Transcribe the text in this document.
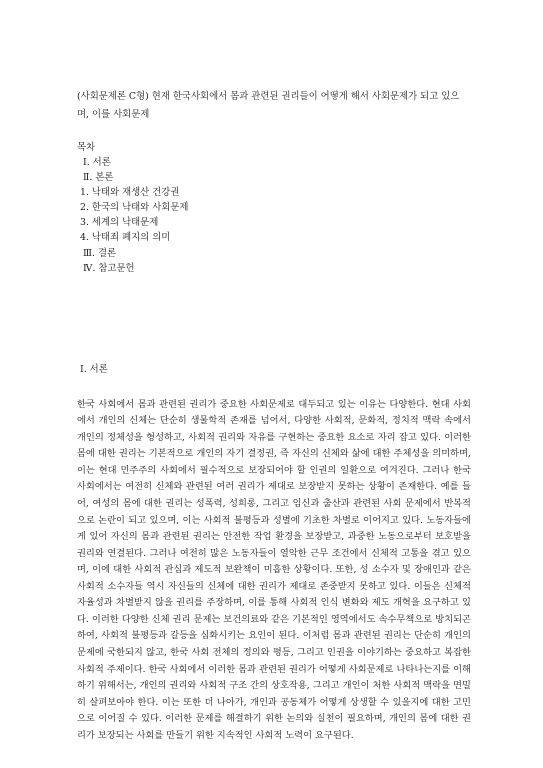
(사회문제론 C형) 현재 한국사회에서 몸과 관련된 권리들이 어떻게 해서 사회문제가 되고 있으며, 이를 사회문제

목차

Ⅰ. 서론
Ⅱ. 본론
1. 낙태와 재생산 건강권
2. 한국의 낙태와 사회문제
3. 세계의 낙태문제
4. 낙태죄 폐지의 의미
Ⅲ. 결론
Ⅳ. 참고문헌

Ⅰ. 서론

한국 사회에서 몸과 관련된 권리가 중요한 사회문제로 대두되고 있는 이유는 다양한다. 현대 사회에서 개인의 신체는 단순히 생물학적 존재를 넘어서, 다양한 사회적, 문화적, 정치적 맥락 속에서 개인의 정체성을 형성하고, 사회적 권리와 자유를 구현하는 중요한 요소로 자리 잡고 있다. 이러한 몸에 대한 권리는 기본적으로 개인의 자기 결정권, 즉 자신의 신체와 삶에 대한 주체성을 의미하며, 이는 현대 민주주의 사회에서 필수적으로 보장되어야 할 인권의 일환으로 여겨진다. 그러나 한국 사회에서는 여전히 신체와 관련된 여러 권리가 제대로 보장받지 못하는 상황이 존재한다. 예를 들어, 여성의 몸에 대한 권리는 성폭력, 성희롱, 그리고 임신과 출산과 관련된 사회 문제에서 반복적으로 논란이 되고 있으며, 이는 사회적 불평등과 성별에 기초한 차별로 이어지고 있다. 노동자들에게 있어 자신의 몸과 관련된 권리는 안전한 작업 환경을 보장받고, 과중한 노동으로부터 보호받을 권리와 연결된다. 그러나 여전히 많은 노동자들이 열악한 근무 조건에서 신체적 고통을 겪고 있으며, 이에 대한 사회적 관심과 제도적 보완책이 미흡한 상황이다. 또한, 성 소수자 및 장애인과 같은 사회적 소수자들 역시 자신들의 신체에 대한 권리가 제대로 존중받지 못하고 있다. 이들은 신체적 자율성과 차별받지 않을 권리를 주장하며, 이를 통해 사회적 인식 변화와 제도 개혁을 요구하고 있다. 이러한 다양한 신체 권리 문제는 보건의료와 같은 기본적인 영역에서도 속수무책으로 방치되곤 하여, 사회적 불평등과 갈등을 심화시키는 요인이 된다. 이처럼 몸과 관련된 권리는 단순히 개인의 문제에 국한되지 않고, 한국 사회 전체의 정의와 평등, 그리고 인권을 이야기하는 중요하고 복잡한 사회적 주제이다. 한국 사회에서 이러한 몸과 관련된 권리가 어떻게 사회문제로 나타나는지를 이해하기 위해서는, 개인의 권리와 사회적 구조 간의 상호작용, 그리고 개인이 처한 사회적 맥락을 면밀히 살펴보아야 한다. 이는 또한 더 나아가, 개인과 공동체가 어떻게 상생할 수 있을지에 대한 고민으로 이어질 수 있다. 이러한 문제를 해결하기 위한 논의와 실천이 필요하며, 개인의 몸에 대한 권리가 보장되는 사회를 만들기 위한 지속적인 사회적 노력이 요구된다.
